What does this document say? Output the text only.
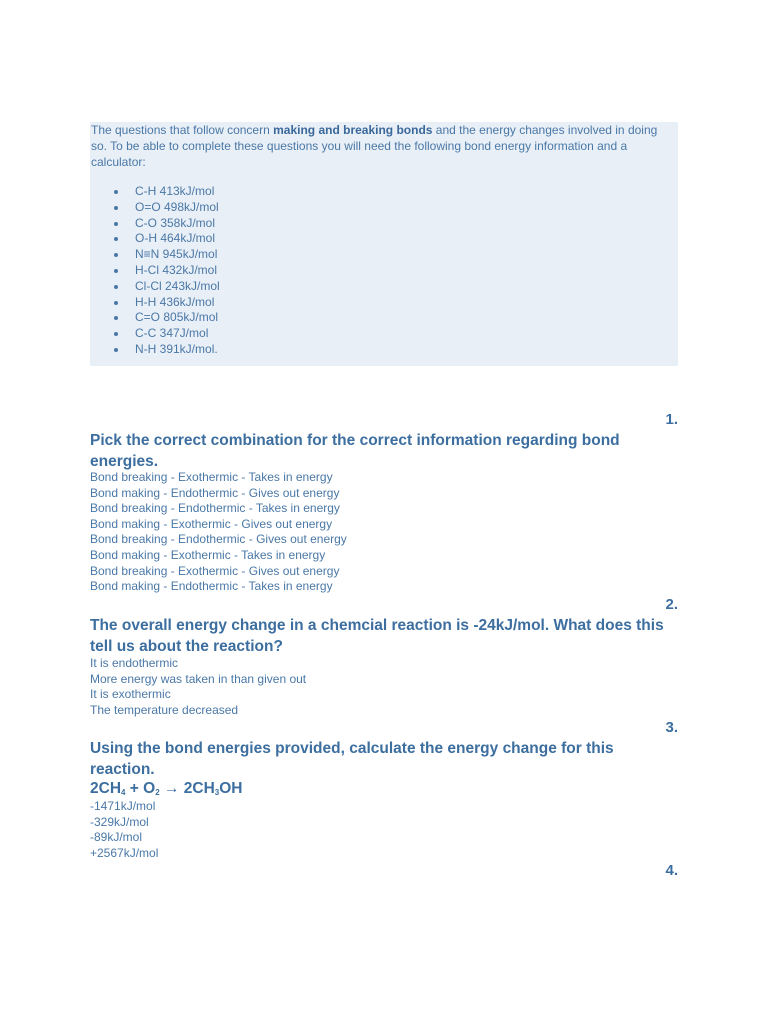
The questions that follow concern making and breaking bonds and the energy changes involved in doing so. To be able to complete these questions you will need the following bond energy information and a calculator:

C-H 413kJ/mol
O=O 498kJ/mol
C-O 358kJ/mol
O-H 464kJ/mol
N≡N 945kJ/mol
H-Cl 432kJ/mol
Cl-Cl 243kJ/mol
H-H 436kJ/mol
C=O 805kJ/mol
C-C 347J/mol
N-H 391kJ/mol.
1.
Pick the correct combination for the correct information regarding bond energies.
Bond breaking - Exothermic - Takes in energy
Bond making - Endothermic - Gives out energy
Bond breaking - Endothermic - Takes in energy
Bond making - Exothermic - Gives out energy
Bond breaking - Endothermic - Gives out energy
Bond making - Exothermic - Takes in energy
Bond breaking - Exothermic - Gives out energy
Bond making - Endothermic - Takes in energy
2.
The overall energy change in a chemcial reaction is -24kJ/mol. What does this tell us about the reaction?
It is endothermic
More energy was taken in than given out
It is exothermic
The temperature decreased
3.
Using the bond energies provided, calculate the energy change for this reaction.
$2CH_4 + O_2 \to 2CH_3OH$
-1471kJ/mol
-329kJ/mol
-89kJ/mol
+2567kJ/mol
4.
